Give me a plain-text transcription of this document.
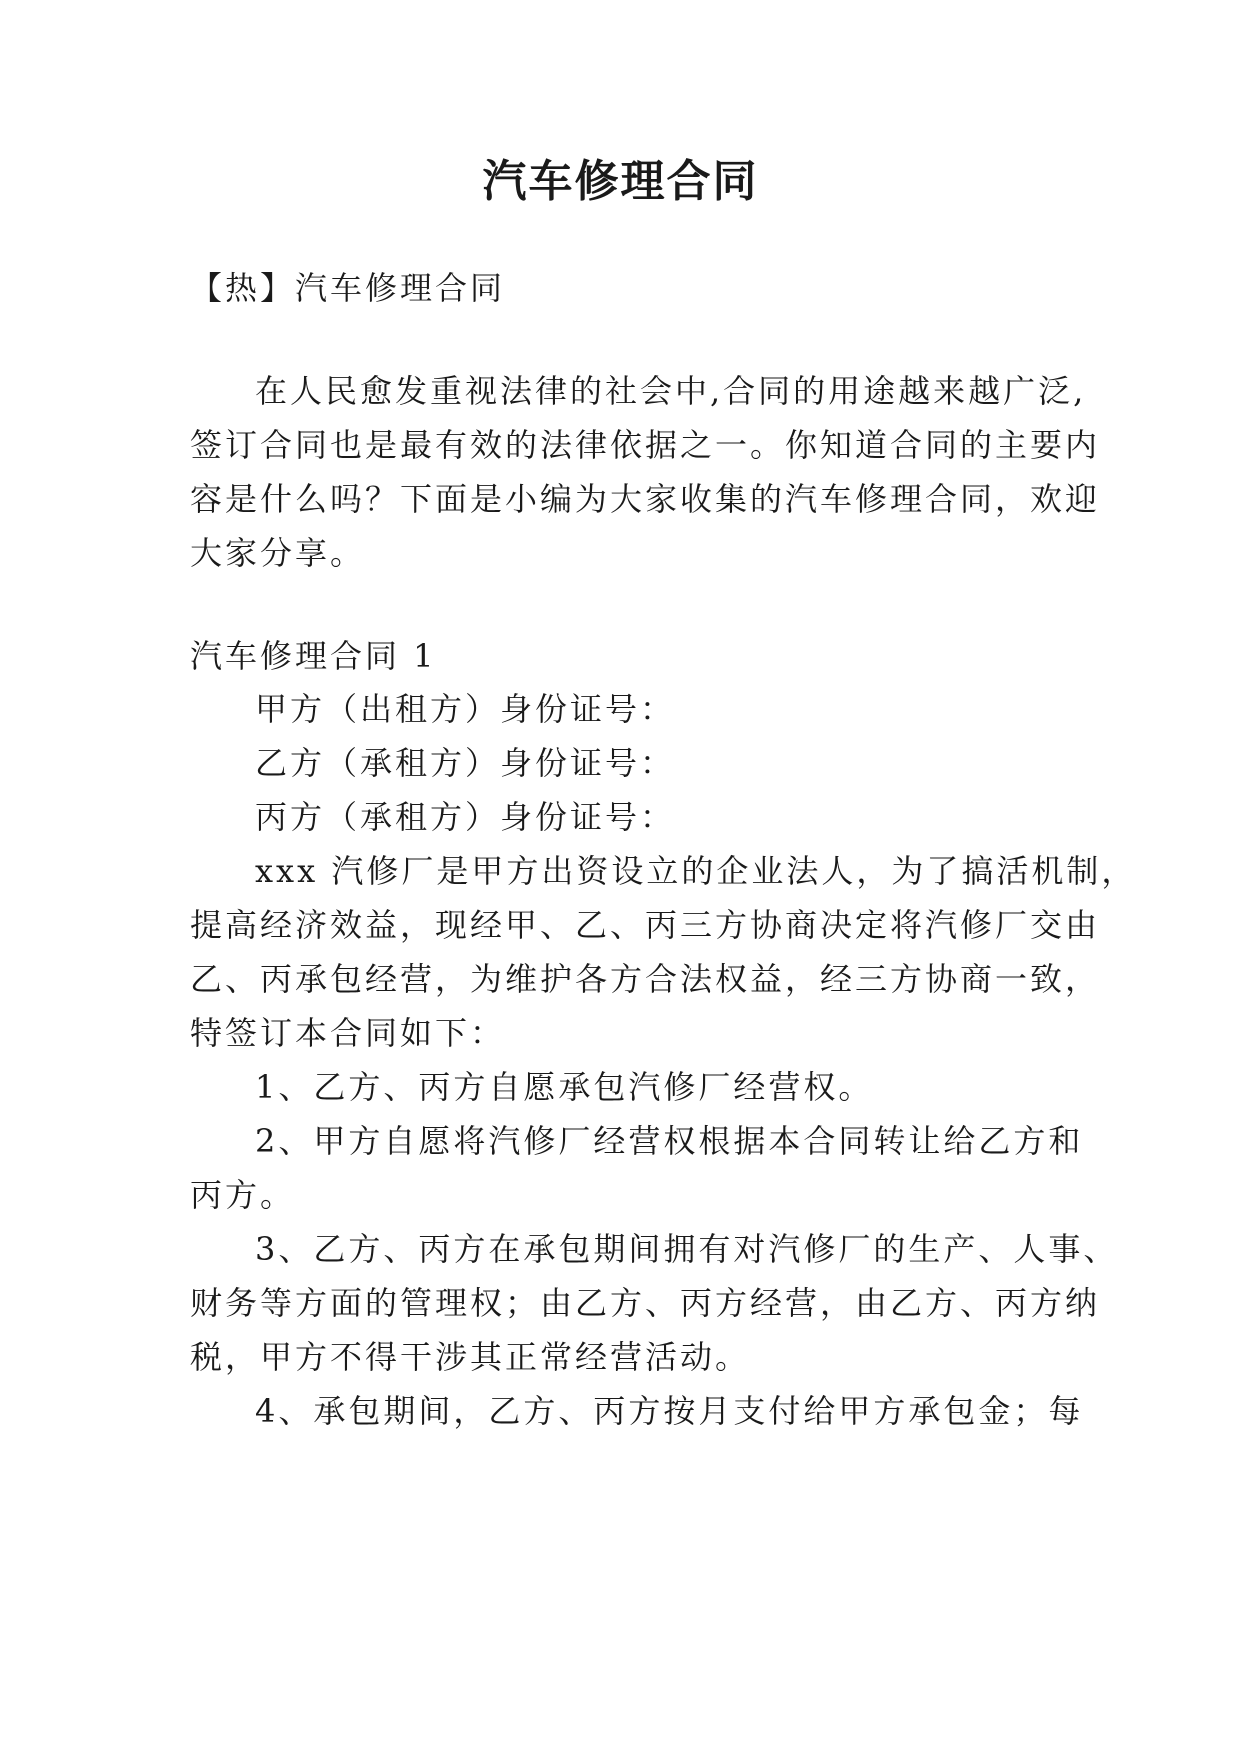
汽车修理合同
【热】汽车修理合同
在人民愈发重视法律的社会中,合同的用途越来越广泛,
签订合同也是最有效的法律依据之一。你知道合同的主要内
容是什么吗？下面是小编为大家收集的汽车修理合同，欢迎
大家分享。
汽车修理合同 1
甲方（出租方）身份证号：
乙方（承租方）身份证号：
丙方（承租方）身份证号：
xxx 汽修厂是甲方出资设立的企业法人，为了搞活机制，
提高经济效益，现经甲、乙、丙三方协商决定将汽修厂交由
乙、丙承包经营，为维护各方合法权益，经三方协商一致，
特签订本合同如下：
1、乙方、丙方自愿承包汽修厂经营权。
2、甲方自愿将汽修厂经营权根据本合同转让给乙方和
丙方。
3、乙方、丙方在承包期间拥有对汽修厂的生产、人事、
财务等方面的管理权；由乙方、丙方经营，由乙方、丙方纳
税，甲方不得干涉其正常经营活动。
4、承包期间，乙方、丙方按月支付给甲方承包金；每
